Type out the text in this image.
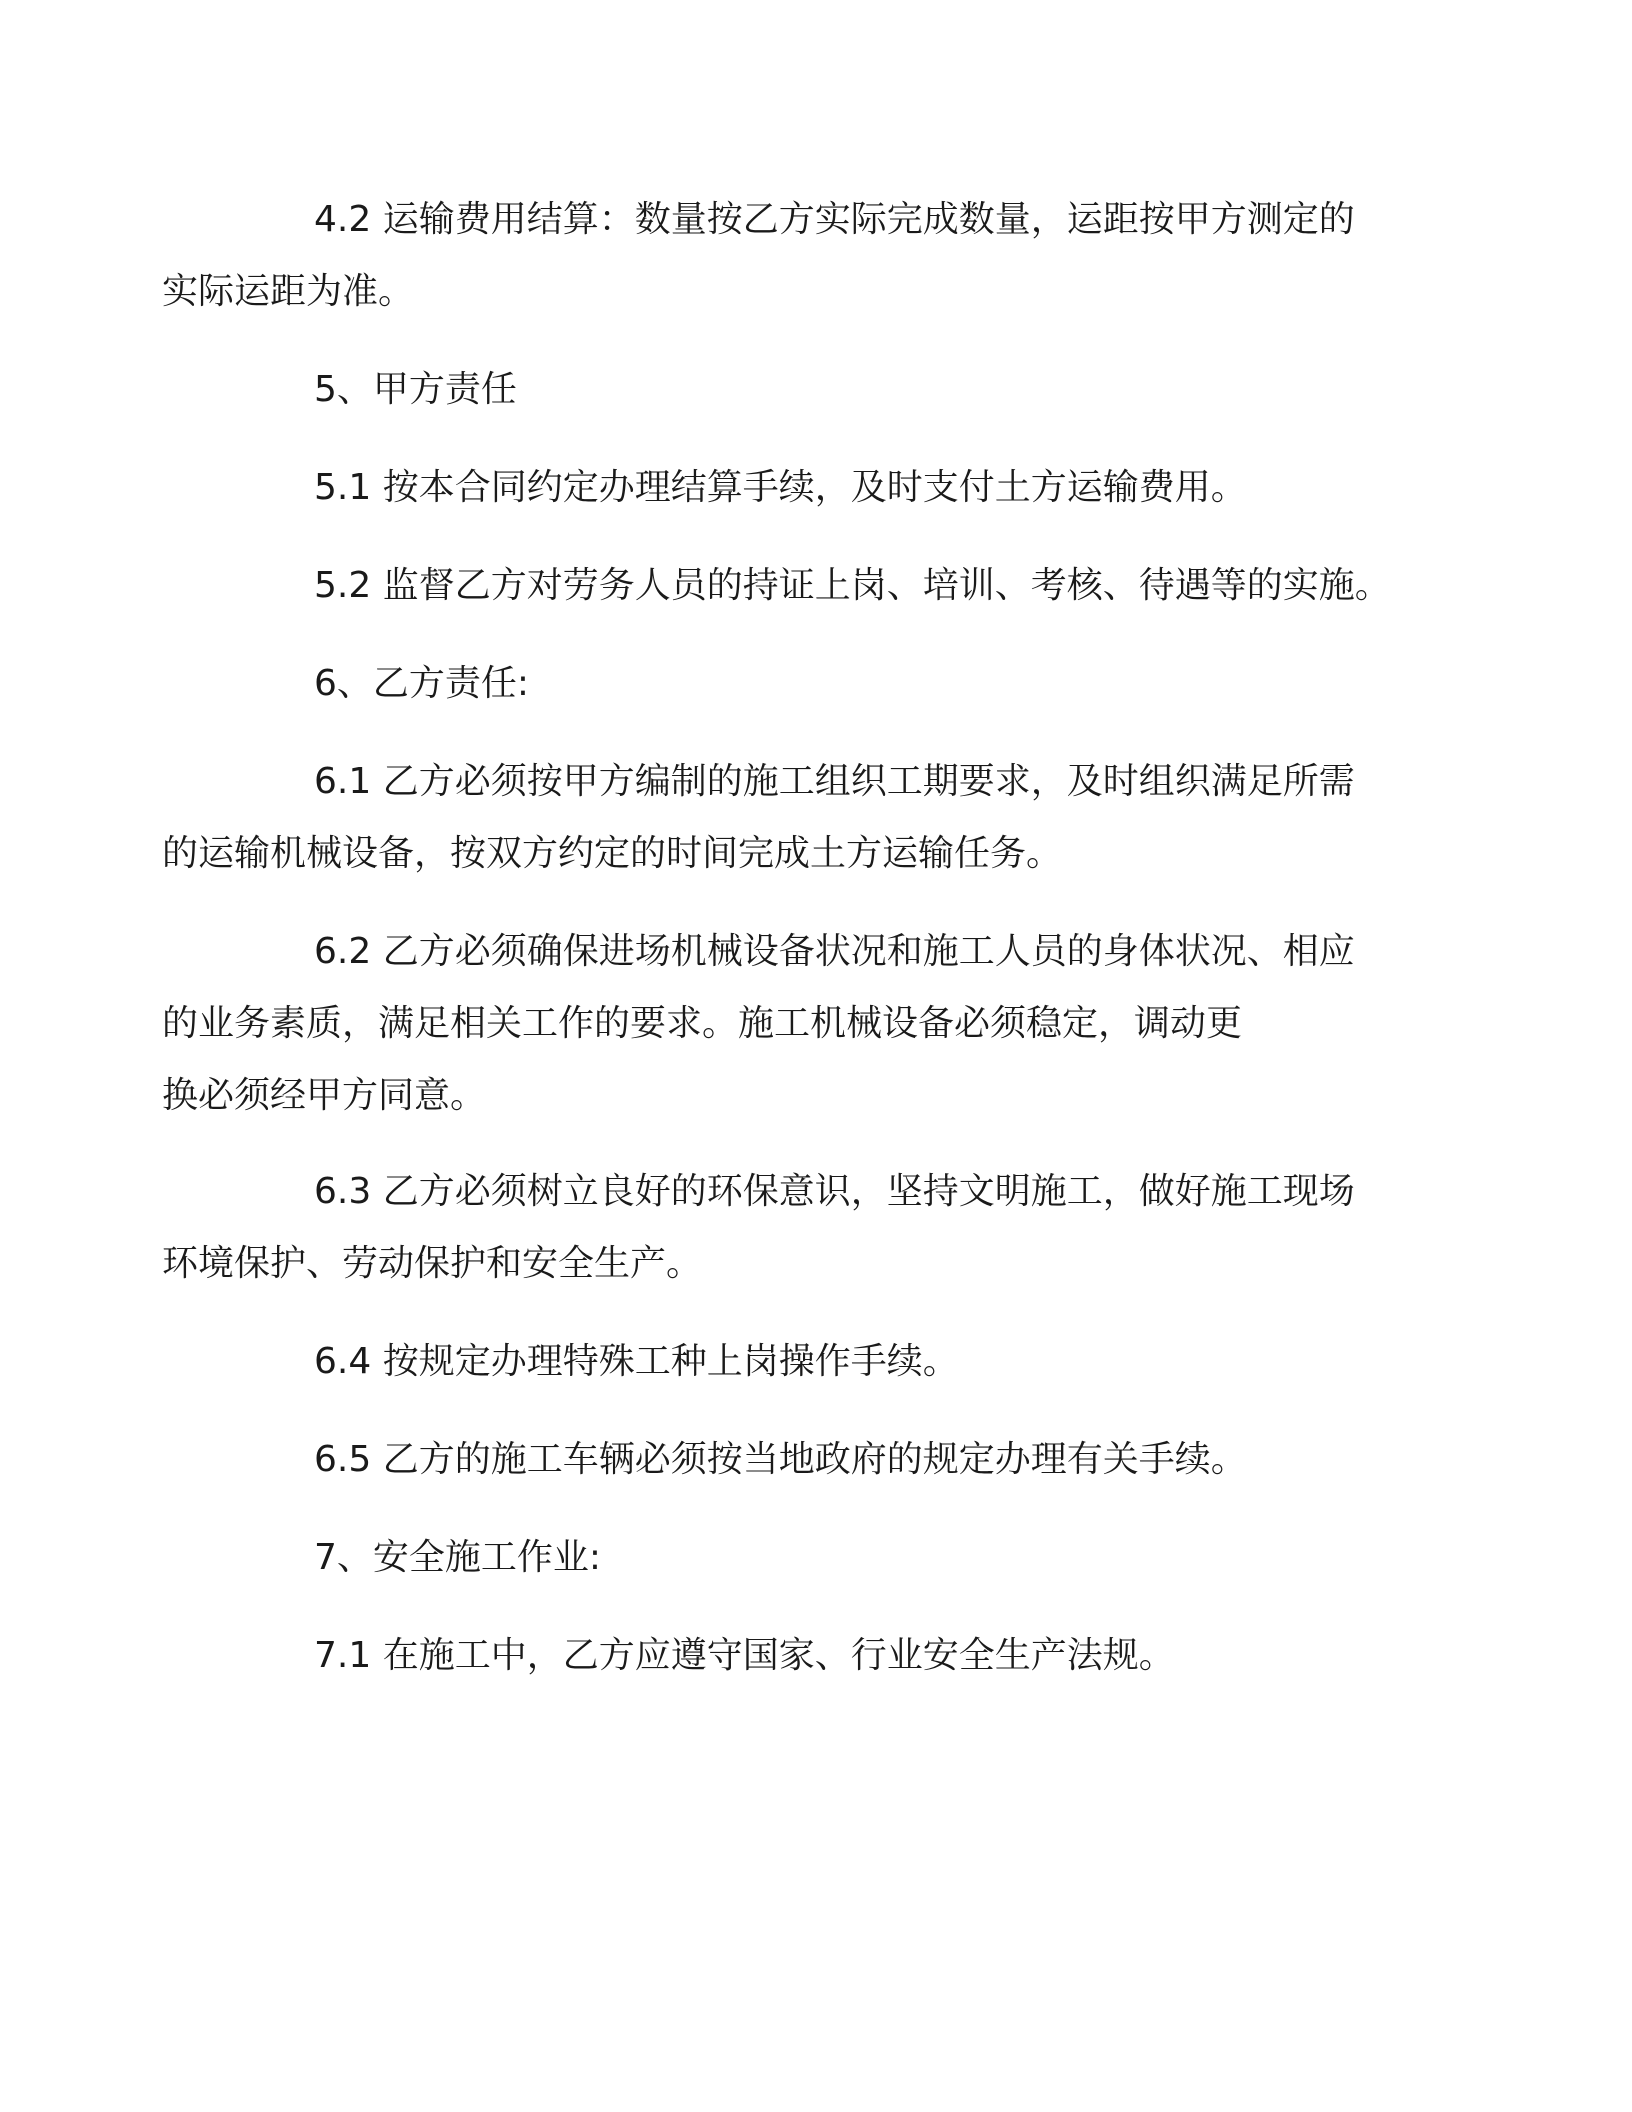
4.2 运输费用结算：数量按乙方实际完成数量，运距按甲方测定的
实际运距为准。

5、甲方责任

5.1 按本合同约定办理结算手续，及时支付土方运输费用。

5.2 监督乙方对劳务人员的持证上岗、培训、考核、待遇等的实施。

6、乙方责任:

6.1 乙方必须按甲方编制的施工组织工期要求，及时组织满足所需
的运输机械设备，按双方约定的时间完成土方运输任务。

6.2 乙方必须确保进场机械设备状况和施工人员的身体状况、相应
的业务素质，满足相关工作的要求。施工机械设备必须稳定，调动更
换必须经甲方同意。

6.3 乙方必须树立良好的环保意识，坚持文明施工，做好施工现场
环境保护、劳动保护和安全生产。

6.4 按规定办理特殊工种上岗操作手续。

6.5 乙方的施工车辆必须按当地政府的规定办理有关手续。

7、安全施工作业:

7.1 在施工中，乙方应遵守国家、行业安全生产法规。
